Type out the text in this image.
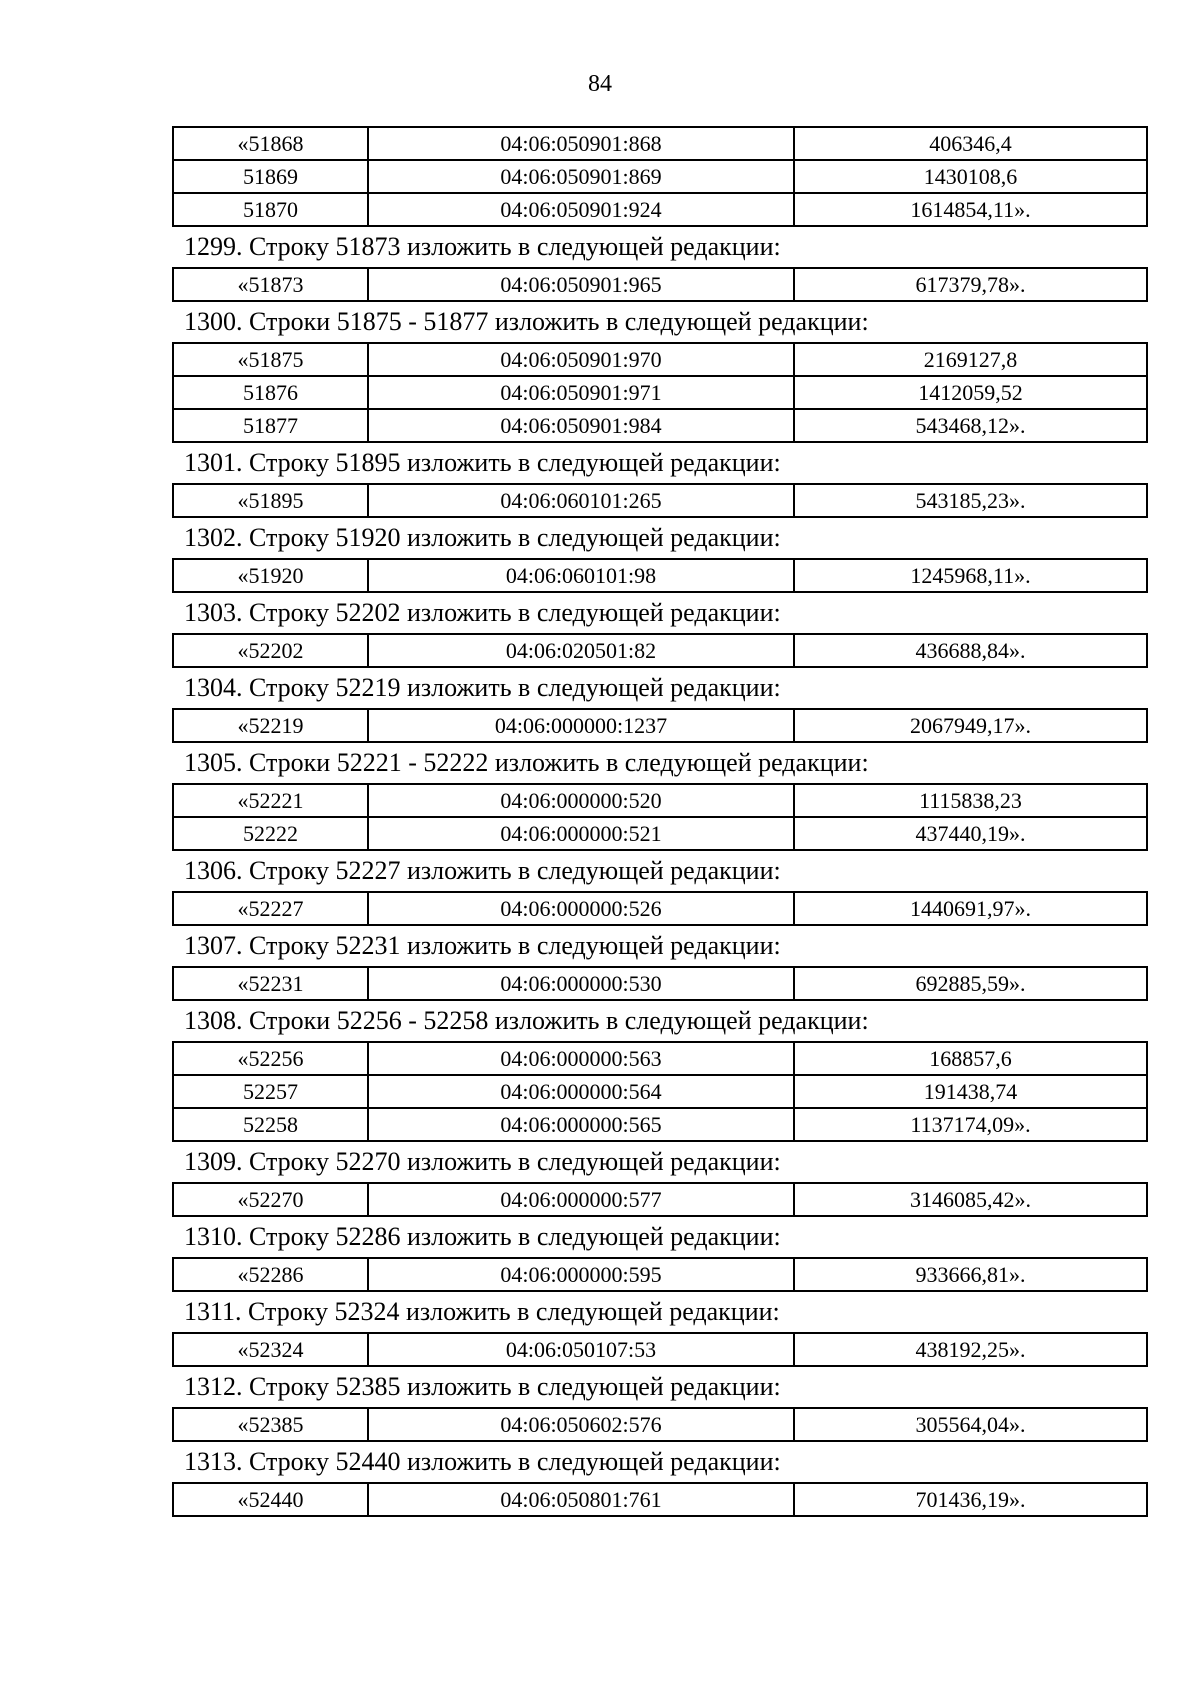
84
«51868	04:06:050901:868	406346,4
51869	04:06:050901:869	1430108,6
51870	04:06:050901:924	1614854,11».
1299. Строку 51873 изложить в следующей редакции:
«51873	04:06:050901:965	617379,78».
1300. Строки 51875 - 51877 изложить в следующей редакции:
«51875	04:06:050901:970	2169127,8
51876	04:06:050901:971	1412059,52
51877	04:06:050901:984	543468,12».
1301. Строку 51895 изложить в следующей редакции:
«51895	04:06:060101:265	543185,23».
1302. Строку 51920 изложить в следующей редакции:
«51920	04:06:060101:98	1245968,11».
1303. Строку 52202 изложить в следующей редакции:
«52202	04:06:020501:82	436688,84».
1304. Строку 52219 изложить в следующей редакции:
«52219	04:06:000000:1237	2067949,17».
1305. Строки 52221 - 52222 изложить в следующей редакции:
«52221	04:06:000000:520	1115838,23
52222	04:06:000000:521	437440,19».
1306. Строку 52227 изложить в следующей редакции:
«52227	04:06:000000:526	1440691,97».
1307. Строку 52231 изложить в следующей редакции:
«52231	04:06:000000:530	692885,59».
1308. Строки 52256 - 52258 изложить в следующей редакции:
«52256	04:06:000000:563	168857,6
52257	04:06:000000:564	191438,74
52258	04:06:000000:565	1137174,09».
1309. Строку 52270 изложить в следующей редакции:
«52270	04:06:000000:577	3146085,42».
1310. Строку 52286 изложить в следующей редакции:
«52286	04:06:000000:595	933666,81».
1311. Строку 52324 изложить в следующей редакции:
«52324	04:06:050107:53	438192,25».
1312. Строку 52385 изложить в следующей редакции:
«52385	04:06:050602:576	305564,04».
1313. Строку 52440 изложить в следующей редакции:
«52440	04:06:050801:761	701436,19».
